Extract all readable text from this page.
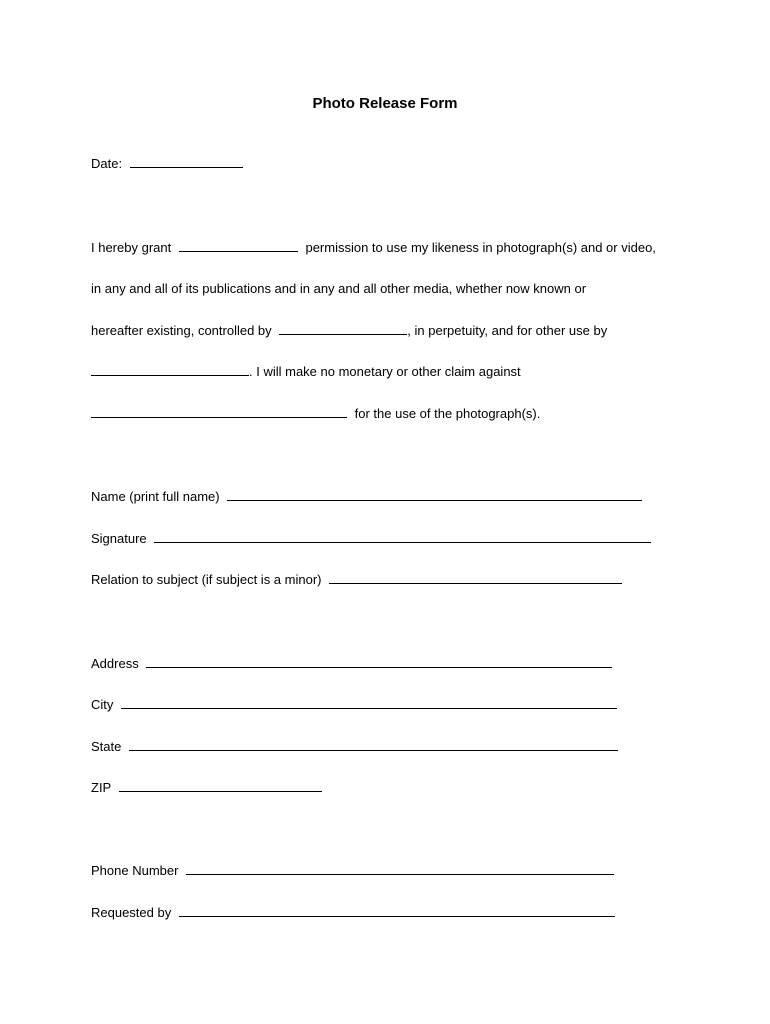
Photo Release Form
Date:
I hereby grant	permission to use my likeness in photograph(s) and or video,
in any and all of its publications and in any and all other media, whether now known or
hereafter existing, controlled by	, in perpetuity, and for other use by
. I will make no monetary or other claim against
for the use of the photograph(s).
Name (print full name)
Signature
Relation to subject (if subject is a minor)
Address
City
State
ZIP
Phone Number
Requested by
